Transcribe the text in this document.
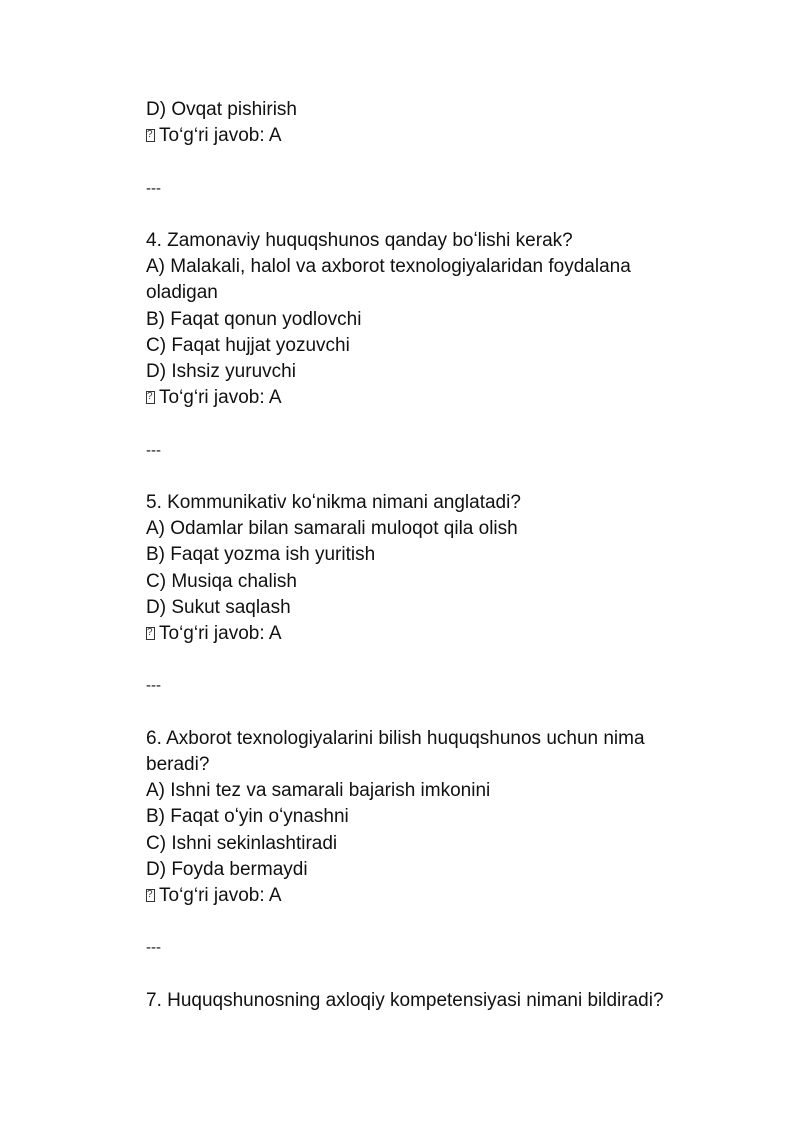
D) Ovqat pishirish
?To‘g‘ri javob: A
---
4. Zamonaviy huquqshunos qanday boʻlishi kerak?
A) Malakali, halol va axborot texnologiyalaridan foydalana oladigan
B) Faqat qonun yodlovchi
C) Faqat hujjat yozuvchi
D) Ishsiz yuruvchi
?To‘g‘ri javob: A
---
5. Kommunikativ koʻnikma nimani anglatadi?
A) Odamlar bilan samarali muloqot qila olish
B) Faqat yozma ish yuritish
C) Musiqa chalish
D) Sukut saqlash
?To‘g‘ri javob: A
---
6. Axborot texnologiyalarini bilish huquqshunos uchun nima beradi?
A) Ishni tez va samarali bajarish imkonini
B) Faqat oʻyin oʻynashni
C) Ishni sekinlashtiradi
D) Foyda bermaydi
?To‘g‘ri javob: A
---
7. Huquqshunosning axloqiy kompetensiyasi nimani bildiradi?
